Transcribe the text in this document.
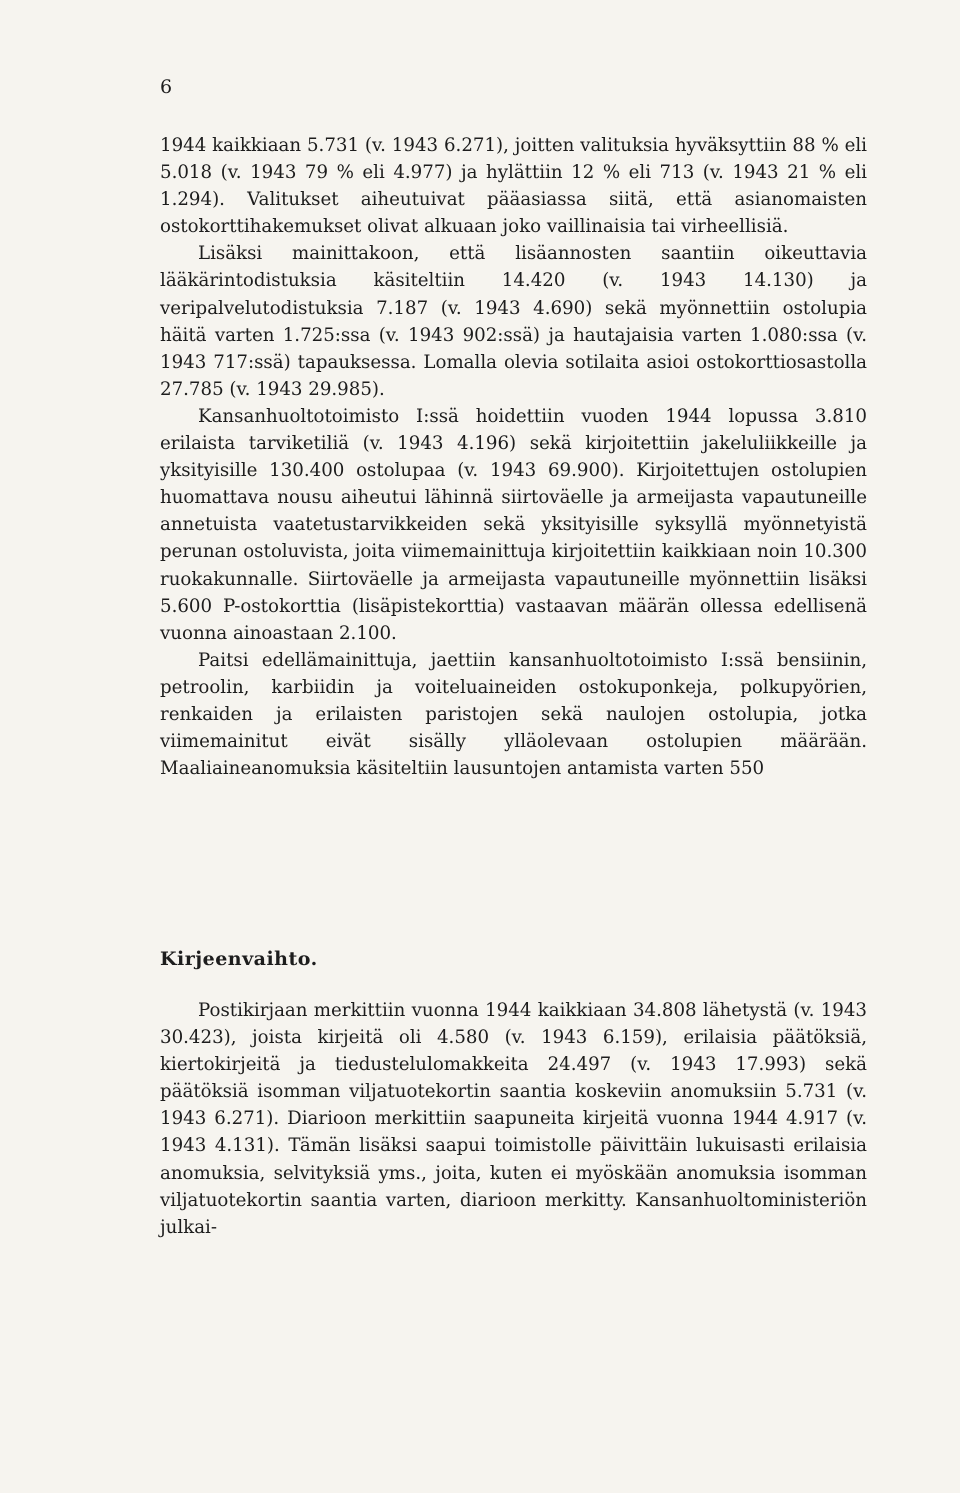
6

1944 kaikkiaan 5.731 (v. 1943 6.271), joitten valituksia hyväksyttiin 88 % eli 5.018 (v. 1943 79 % eli 4.977) ja hylättiin 12 % eli 713 (v. 1943 21 % eli 1.294). Valitukset aiheutuivat pääasiassa siitä, että asianomaisten ostokorttihakemukset olivat alkuaan joko vaillinaisia tai virheellisiä.

Lisäksi mainittakoon, että lisäannosten saantiin oikeuttavia lääkärintodistuksia käsiteltiin 14.420 (v. 1943 14.130) ja veripalvelutodistuksia 7.187 (v. 1943 4.690) sekä myönnettiin ostolupia häitä varten 1.725:ssa (v. 1943 902:ssä) ja hautajaisia varten 1.080:ssa (v. 1943 717:ssä) tapauksessa. Lomalla olevia sotilaita asioi ostokorttiosastolla 27.785 (v. 1943 29.985).

Kansanhuoltotoimisto I:ssä hoidettiin vuoden 1944 lopussa 3.810 erilaista tarviketiliä (v. 1943 4.196) sekä kirjoitettiin jakeluliikkeille ja yksityisille 130.400 ostolupaa (v. 1943 69.900). Kirjoitettujen ostolupien huomattava nousu aiheutui lähinnä siirtoväelle ja armeijasta vapautuneille annetuista vaatetustarvikkeiden sekä yksityisille syksyllä myönnetyistä perunan ostoluvista, joita viimemainittuja kirjoitettiin kaikkiaan noin 10.300 ruokakunnalle. Siirtoväelle ja armeijasta vapautuneille myönnettiin lisäksi 5.600 P-ostokorttia (lisäpistekorttia) vastaavan määrän ollessa edellisenä vuonna ainoastaan 2.100.

Paitsi edellämainittuja, jaettiin kansanhuoltotoimisto I:ssä bensiinin, petroolin, karbiidin ja voiteluaineiden ostokuponkeja, polkupyörien, renkaiden ja erilaisten paristojen sekä naulojen ostolupia, jotka viimemainitut eivät sisälly ylläolevaan ostolupien määrään. Maaliaineanomuksia käsiteltiin lausuntojen antamista varten 550

Kirjeenvaihto.

Postikirjaan merkittiin vuonna 1944 kaikkiaan 34.808 lähetystä (v. 1943 30.423), joista kirjeitä oli 4.580 (v. 1943 6.159), erilaisia päätöksiä, kiertokirjeitä ja tiedustelulomakkeita 24.497 (v. 1943 17.993) sekä päätöksiä isomman viljatuotekortin saantia koskeviin anomuksiin 5.731 (v. 1943 6.271). Diarioon merkittiin saapuneita kirjeitä vuonna 1944 4.917 (v. 1943 4.131). Tämän lisäksi saapui toimistolle päivittäin lukuisasti erilaisia anomuksia, selvityksiä yms., joita, kuten ei myöskään anomuksia isomman viljatuotekortin saantia varten, diarioon merkitty. Kansanhuoltoministeriön julkai-
